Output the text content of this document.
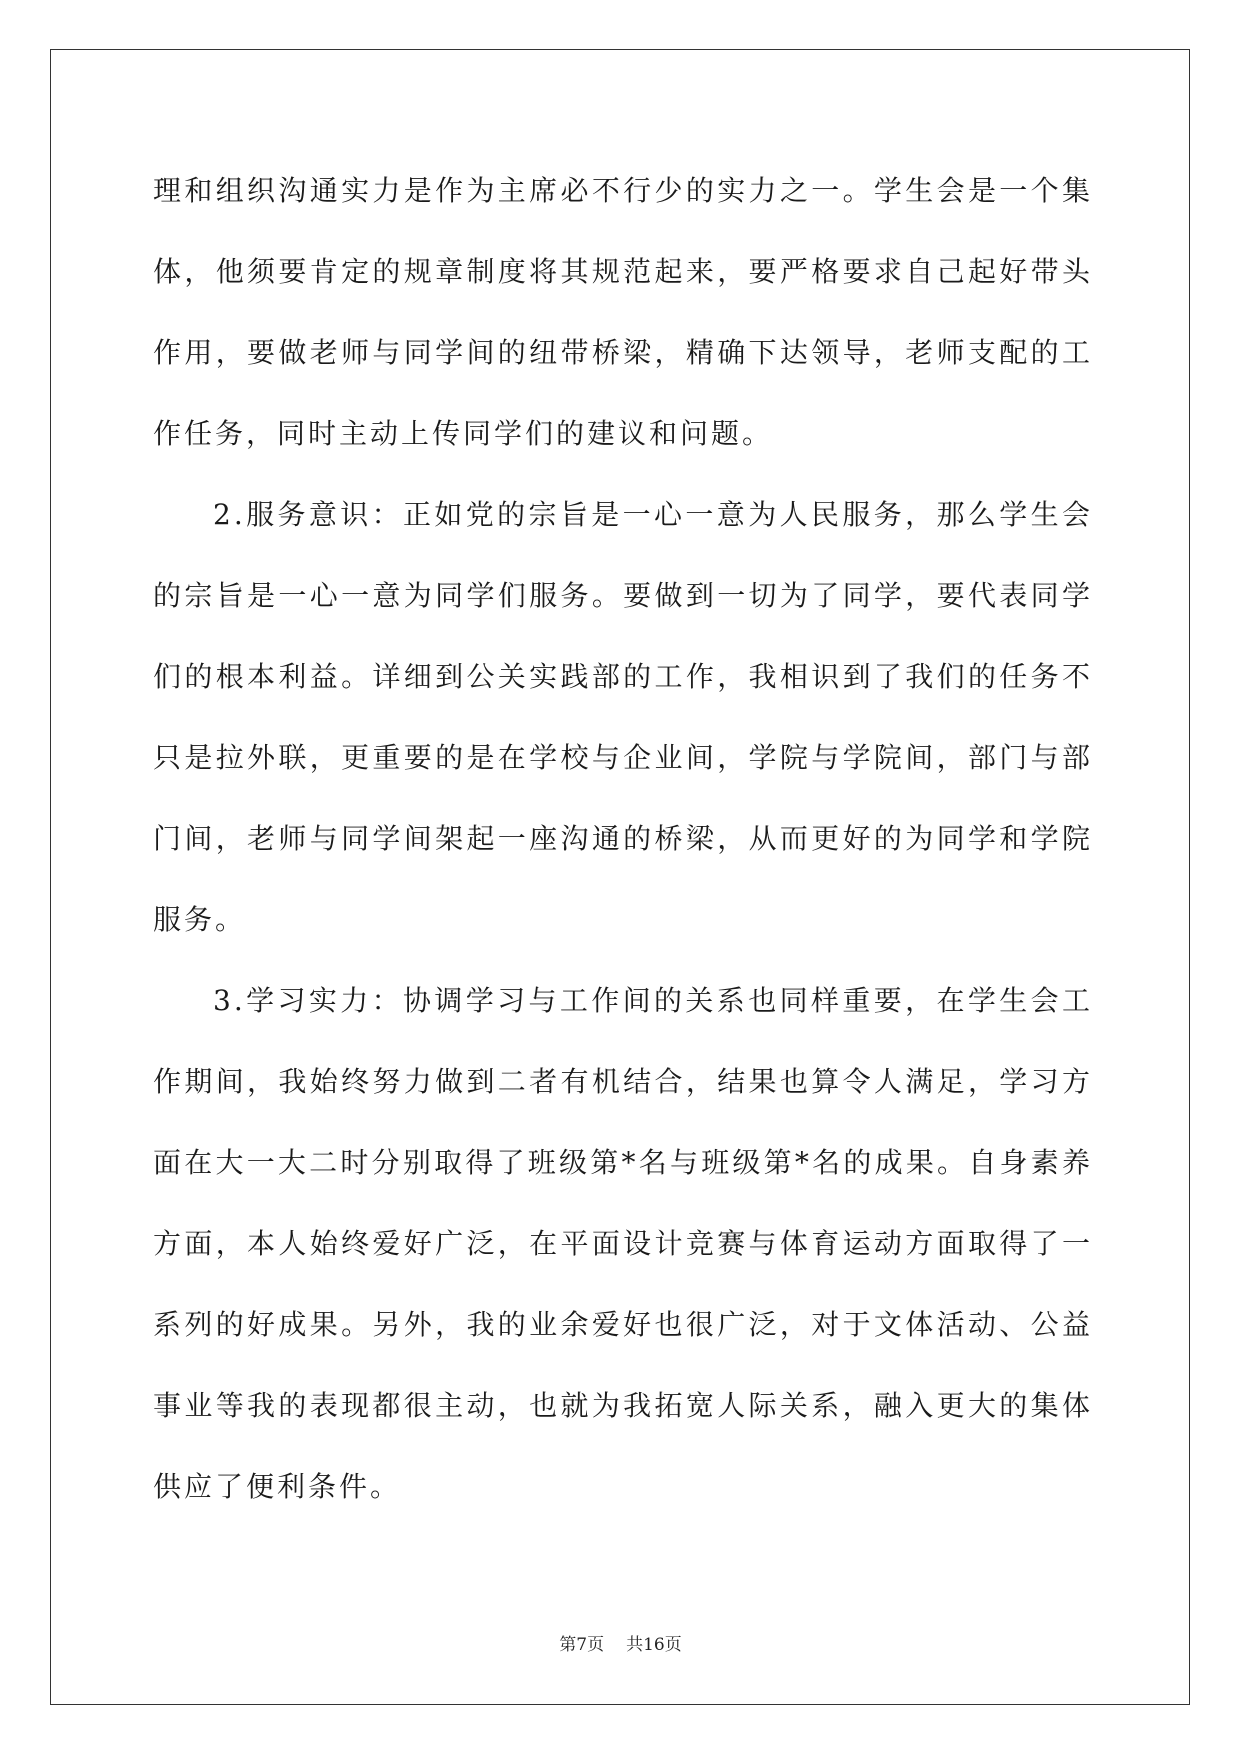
理和组织沟通实力是作为主席必不行少的实力之一。学生会是一个集
体，他须要肯定的规章制度将其规范起来，要严格要求自己起好带头
作用，要做老师与同学间的纽带桥梁，精确下达领导，老师支配的工
作任务，同时主动上传同学们的建议和问题。

2.服务意识：正如党的宗旨是一心一意为人民服务，那么学生会
的宗旨是一心一意为同学们服务。要做到一切为了同学，要代表同学
们的根本利益。详细到公关实践部的工作，我相识到了我们的任务不
只是拉外联，更重要的是在学校与企业间，学院与学院间，部门与部
门间，老师与同学间架起一座沟通的桥梁，从而更好的为同学和学院
服务。

3.学习实力：协调学习与工作间的关系也同样重要，在学生会工
作期间，我始终努力做到二者有机结合，结果也算令人满足，学习方
面在大一大二时分别取得了班级第*名与班级第*名的成果。自身素养
方面，本人始终爱好广泛，在平面设计竞赛与体育运动方面取得了一
系列的好成果。另外，我的业余爱好也很广泛，对于文体活动、公益
事业等我的表现都很主动，也就为我拓宽人际关系，融入更大的集体
供应了便利条件。

第7页 共16页
